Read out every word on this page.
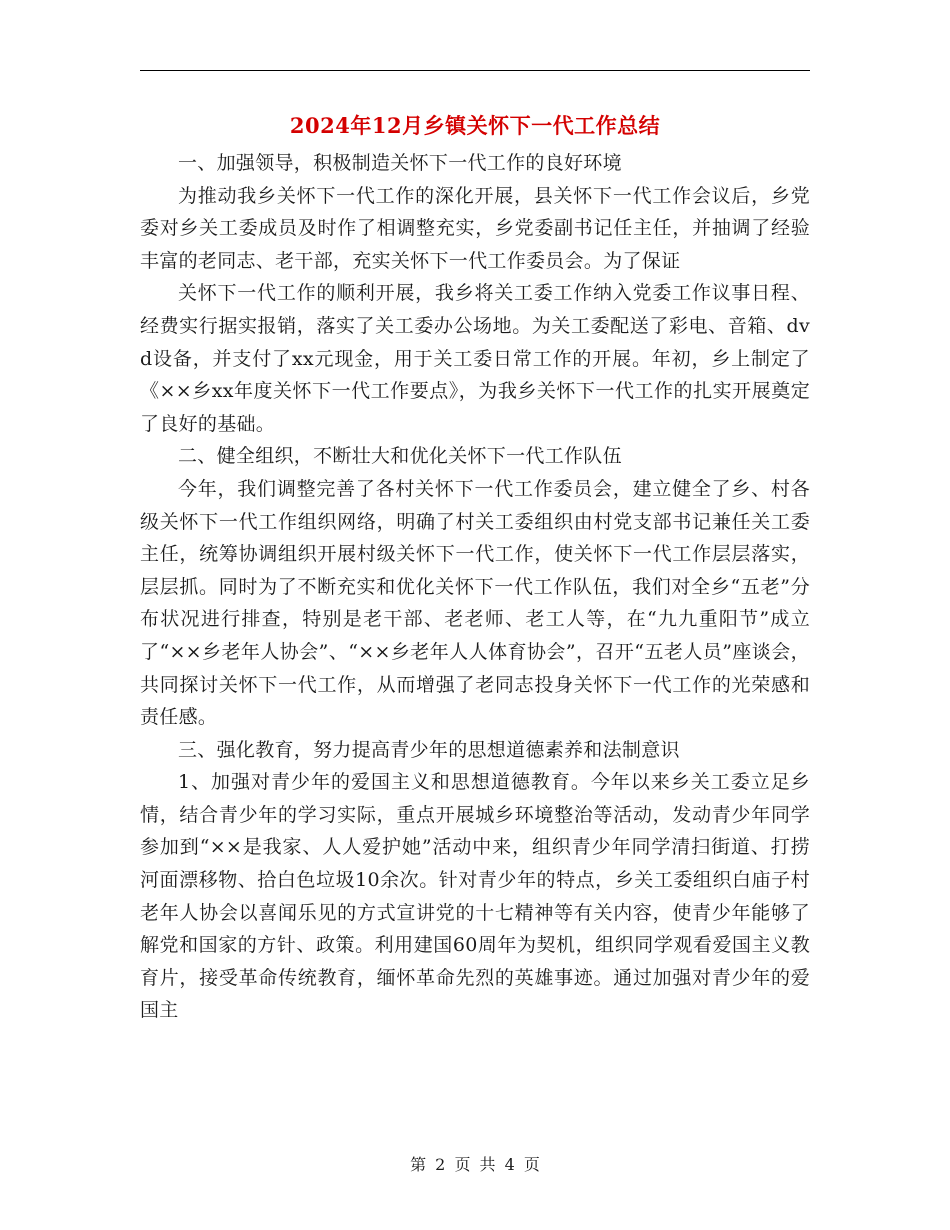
2024年12月乡镇关怀下一代工作总结

一、加强领导，积极制造关怀下一代工作的良好环境

为推动我乡关怀下一代工作的深化开展，县关怀下一代工作会议后，乡党委对乡关工委成员及时作了相调整充实，乡党委副书记任主任，并抽调了经验丰富的老同志、老干部，充实关怀下一代工作委员会。为了保证

关怀下一代工作的顺利开展，我乡将关工委工作纳入党委工作议事日程、经费实行据实报销，落实了关工委办公场地。为关工委配送了彩电、音箱、dvd设备，并支付了xx元现金，用于关工委日常工作的开展。年初，乡上制定了《××乡xx年度关怀下一代工作要点》，为我乡关怀下一代工作的扎实开展奠定了良好的基础。

二、健全组织，不断壮大和优化关怀下一代工作队伍

今年，我们调整完善了各村关怀下一代工作委员会，建立健全了乡、村各级关怀下一代工作组织网络，明确了村关工委组织由村党支部书记兼任关工委主任，统筹协调组织开展村级关怀下一代工作，使关怀下一代工作层层落实，层层抓。同时为了不断充实和优化关怀下一代工作队伍，我们对全乡“五老”分布状况进行排查，特别是老干部、老老师、老工人等，在“九九重阳节”成立了“××乡老年人协会”、“××乡老年人人体育协会”，召开“五老人员”座谈会，共同探讨关怀下一代工作，从而增强了老同志投身关怀下一代工作的光荣感和责任感。

三、强化教育，努力提高青少年的思想道德素养和法制意识

1、加强对青少年的爱国主义和思想道德教育。今年以来乡关工委立足乡情，结合青少年的学习实际，重点开展城乡环境整治等活动，发动青少年同学参加到“××是我家、人人爱护她”活动中来，组织青少年同学清扫街道、打捞河面漂移物、拾白色垃圾10余次。针对青少年的特点，乡关工委组织白庙子村老年人协会以喜闻乐见的方式宣讲党的十七精神等有关内容，使青少年能够了解党和国家的方针、政策。利用建国60周年为契机，组织同学观看爱国主义教育片，接受革命传统教育，缅怀革命先烈的英雄事迹。通过加强对青少年的爱国主

第 2 页 共 4 页
